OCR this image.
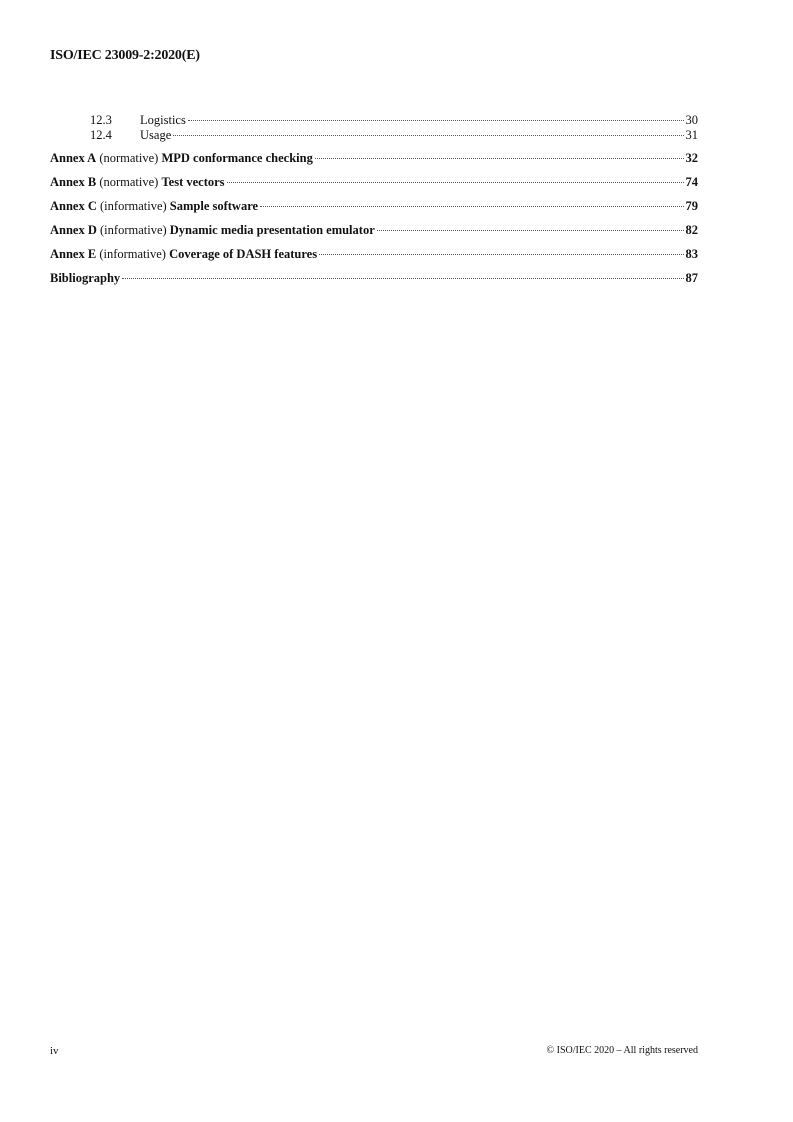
ISO/IEC 23009-2:2020(E)
12.3	Logistics	30
12.4	Usage	31
Annex A
(normative)
MPD conformance checking	32
Annex B
(normative)
Test vectors	74
Annex C
(informative)
Sample software	79
Annex D
(informative)
Dynamic media presentation emulator	82
Annex E
(informative)
Coverage of DASH features	83
Bibliography	87
iv	© ISO/IEC 2020 – All rights reserved
